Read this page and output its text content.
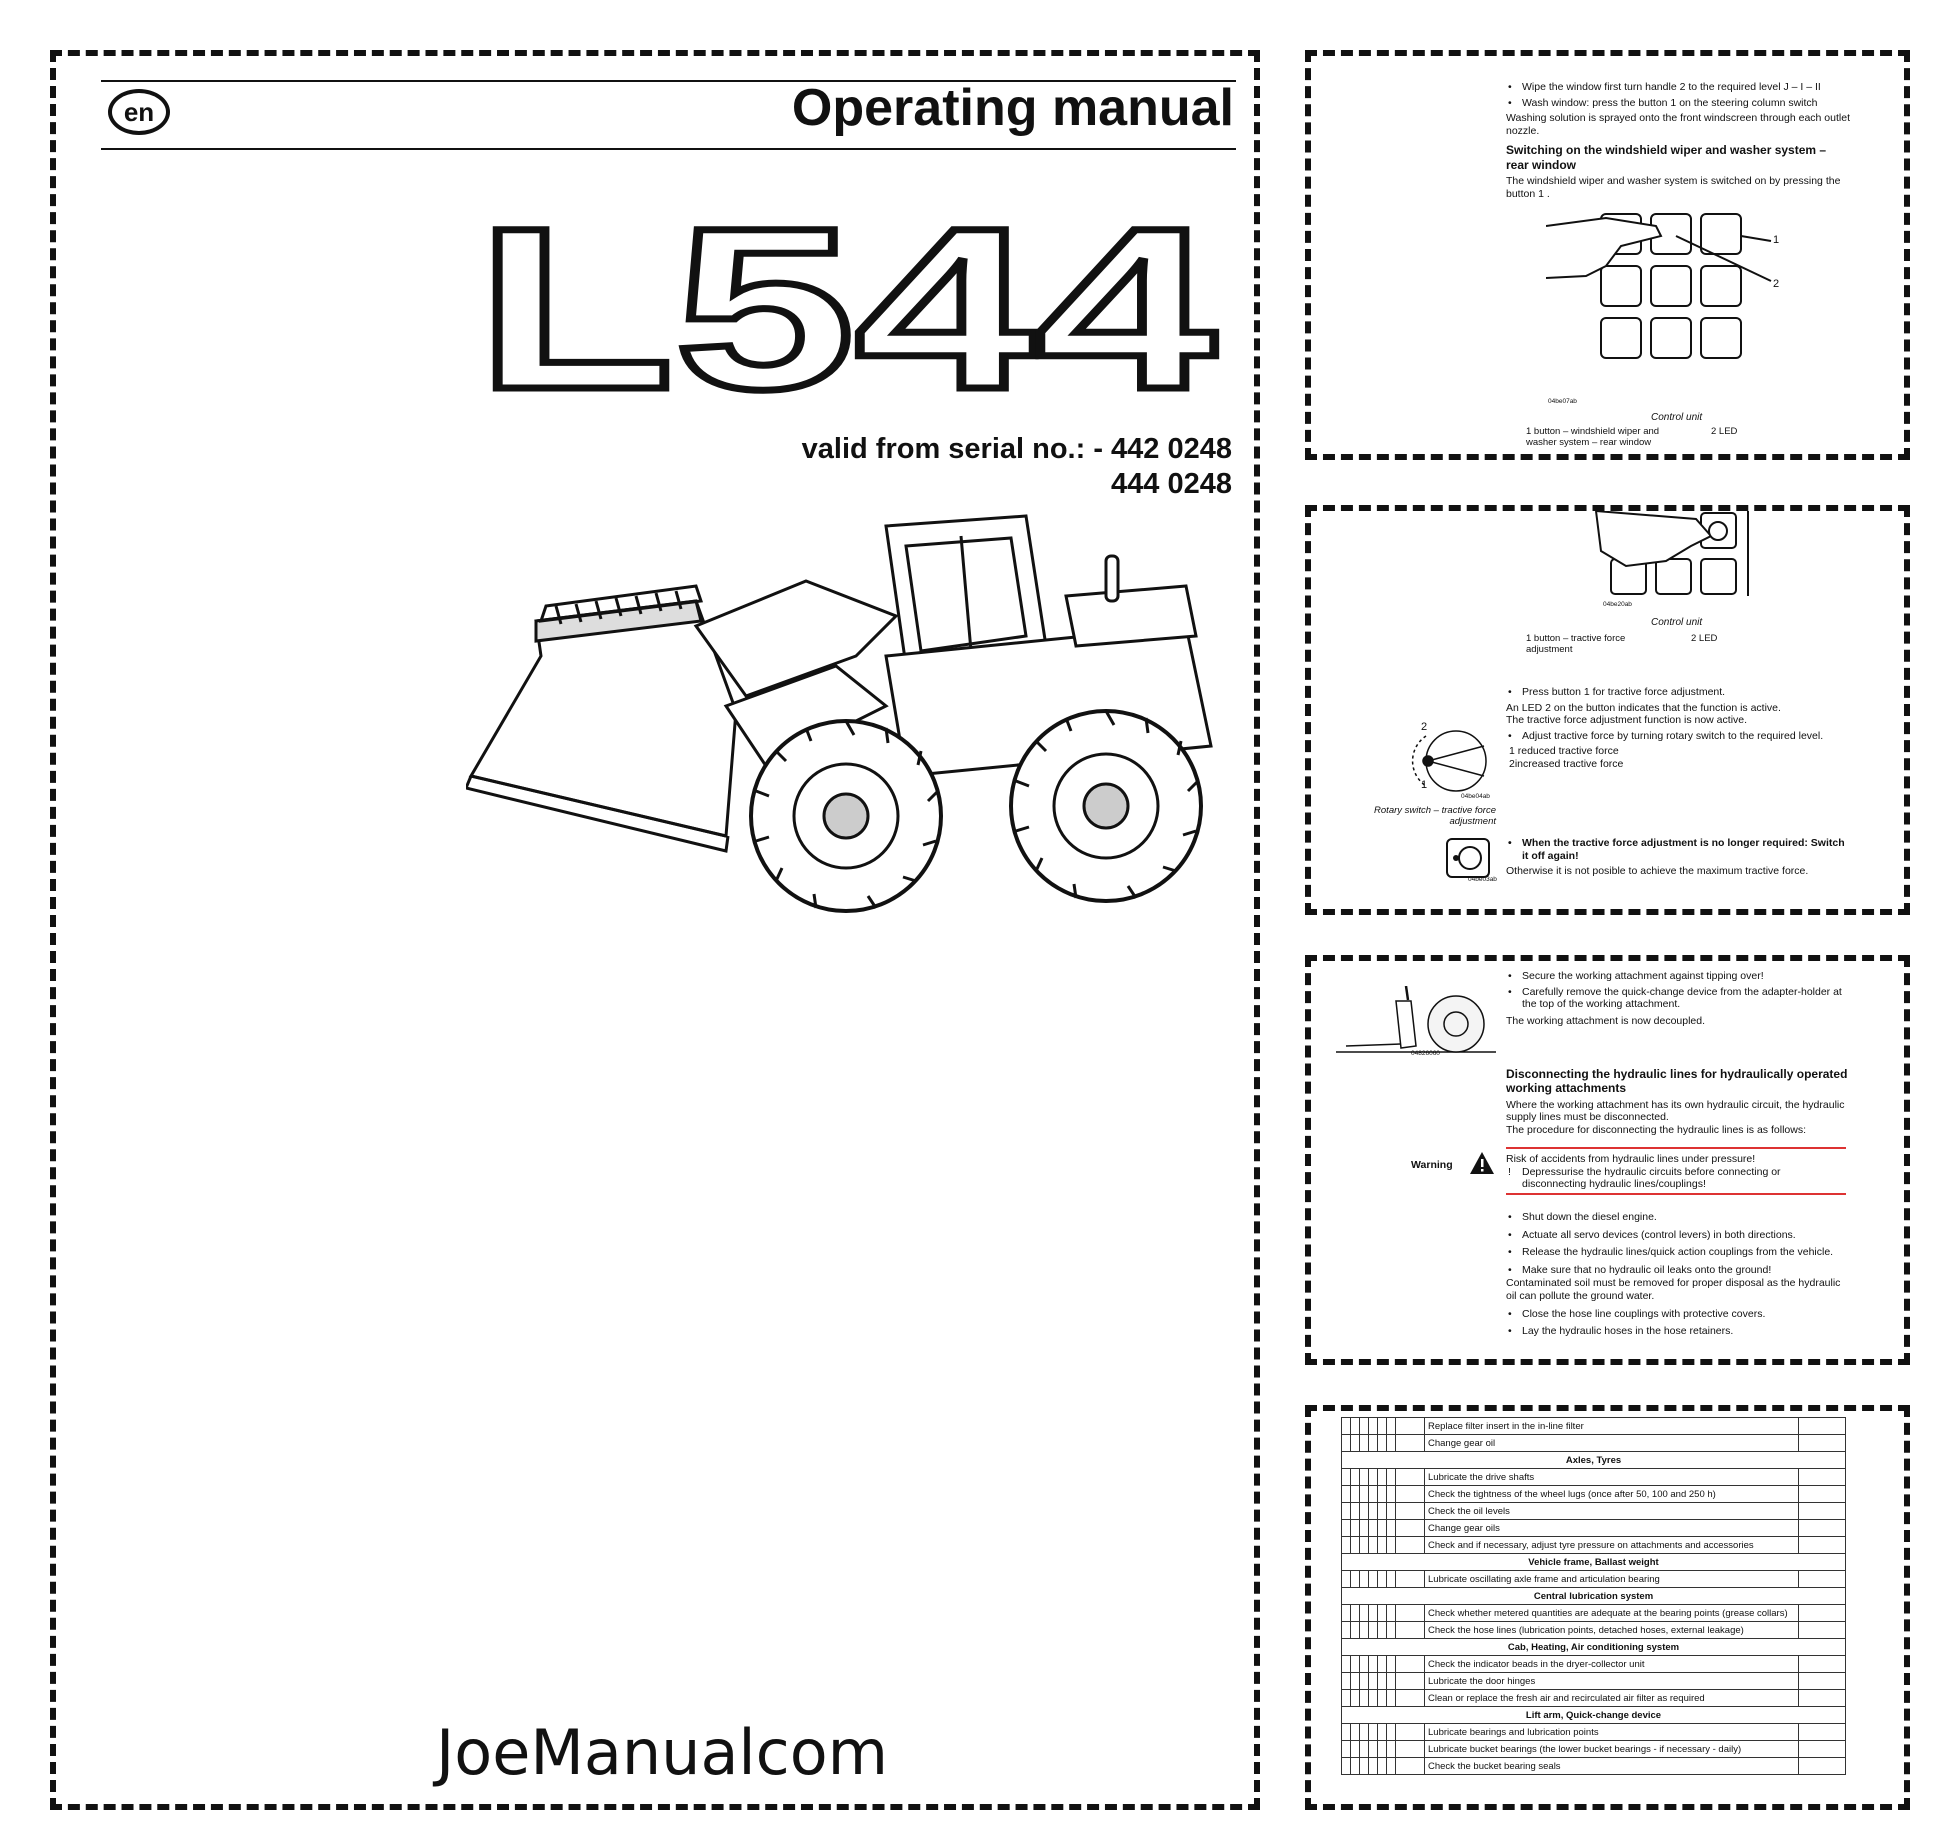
en	Operating manual
L544
valid from serial no.: - 442 0248
444 0248
JoeManualcom
• Wipe the window first turn handle 2 to the required level J – I – II
• Wash window: press the button 1 on the steering column switch
Washing solution is sprayed onto the front windscreen through each outlet nozzle.
Switching on the windshield wiper and washer system – rear window
The windshield wiper and washer system is switched on by pressing the button 1 .
1
2
04be07ab
Control unit
1 button – windshield wiper and washer system – rear window
2 LED
04be20ab
Control unit
1 button – tractive force adjustment
2 LED
• Press button 1 for tractive force adjustment.
An LED 2 on the button indicates that the function is active.
The tractive force adjustment function is now active.
• Adjust tractive force by turning rotary switch to the required level.
1 reduced tractive force
2increased tractive force
2
1
04be04ab
Rotary switch – tractive force adjustment
04be03ab
• When the tractive force adjustment is no longer required: Switch it off again!
Otherwise it is not posible to achieve the maximum tractive force.
• Secure the working attachment against tipping over!
• Carefully remove the quick-change device from the adapter-holder at the top of the working attachment.
The working attachment is now decoupled.
04826060
Disconnecting the hydraulic lines for hydraulically operated working attachments
Where the working attachment has its own hydraulic circuit, the hydraulic supply lines must be disconnected.
The procedure for disconnecting the hydraulic lines is as follows:
Warning	Risk of accidents from hydraulic lines under pressure!
! Depressurise the hydraulic circuits before connecting or disconnecting hydraulic lines/couplings!
• Shut down the diesel engine.
• Actuate all servo devices (control levers) in both directions.
• Release the hydraulic lines/quick action couplings from the vehicle.
• Make sure that no hydraulic oil leaks onto the ground!
Contaminated soil must be removed for proper disposal as the hydraulic oil can pollute the ground water.
• Close the hose line couplings with protective covers.
• Lay the hydraulic hoses in the hose retainers.
							Replace filter insert in the in-line filter	
							Change gear oil	
Axles, Tyres								
							Lubricate the drive shafts	
							Check the tightness of the wheel lugs (once after 50, 100 and 250 h)	
							Check the oil levels	
							Change gear oils	
							Check and if necessary, adjust tyre pressure on attachments and accessories	
Vehicle frame, Ballast weight								
							Lubricate oscillating axle frame and articulation bearing	
Central lubrication system								
							Check whether metered quantities are adequate at the bearing points (grease collars)	
							Check the hose lines (lubrication points, detached hoses, external leakage)	
Cab, Heating, Air conditioning system								
							Check the indicator beads in the dryer-collector unit	
							Lubricate the door hinges	
							Clean or replace the fresh air and recirculated air filter as required	
Lift arm, Quick-change device								
							Lubricate bearings and lubrication points	
							Lubricate bucket bearings (the lower bucket bearings - if necessary - daily)	
							Check the bucket bearing seals	
